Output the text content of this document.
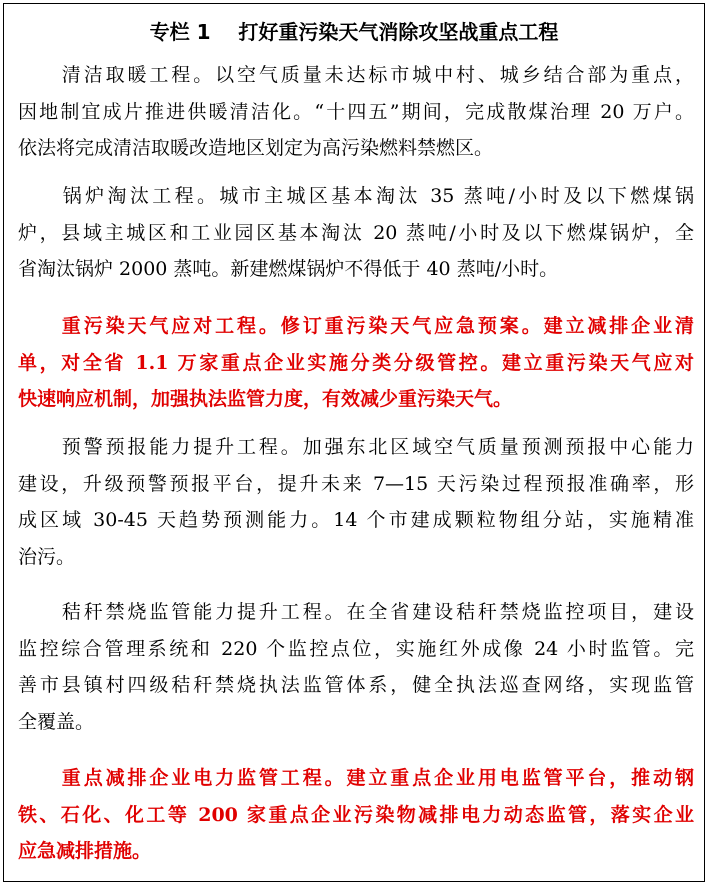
专栏 1    打好重污染天气消除攻坚战重点工程
　　清洁取暖工程。以空气质量未达标市城中村、城乡结合部为重点，
因地制宜成片推进供暖清洁化。“十四五”期间，完成散煤治理 20 万户。
依法将完成清洁取暖改造地区划定为高污染燃料禁燃区。
　　锅炉淘汰工程。城市主城区基本淘汰 35 蒸吨/小时及以下燃煤锅
炉，县域主城区和工业园区基本淘汰 20 蒸吨/小时及以下燃煤锅炉，全
省淘汰锅炉 2000 蒸吨。新建燃煤锅炉不得低于 40 蒸吨/小时。
　　重污染天气应对工程。修订重污染天气应急预案。建立减排企业清
单，对全省 1.1 万家重点企业实施分类分级管控。建立重污染天气应对
快速响应机制，加强执法监管力度，有效减少重污染天气。
　　预警预报能力提升工程。加强东北区域空气质量预测预报中心能力
建设，升级预警预报平台，提升未来 7—15 天污染过程预报准确率，形
成区域 30-45 天趋势预测能力。14 个市建成颗粒物组分站，实施精准
治污。
　　秸秆禁烧监管能力提升工程。在全省建设秸秆禁烧监控项目，建设
监控综合管理系统和 220 个监控点位，实施红外成像 24 小时监管。完
善市县镇村四级秸秆禁烧执法监管体系，健全执法巡查网络，实现监管
全覆盖。
　　重点减排企业电力监管工程。建立重点企业用电监管平台，推动钢
铁、石化、化工等 200 家重点企业污染物减排电力动态监管，落实企业
应急减排措施。
